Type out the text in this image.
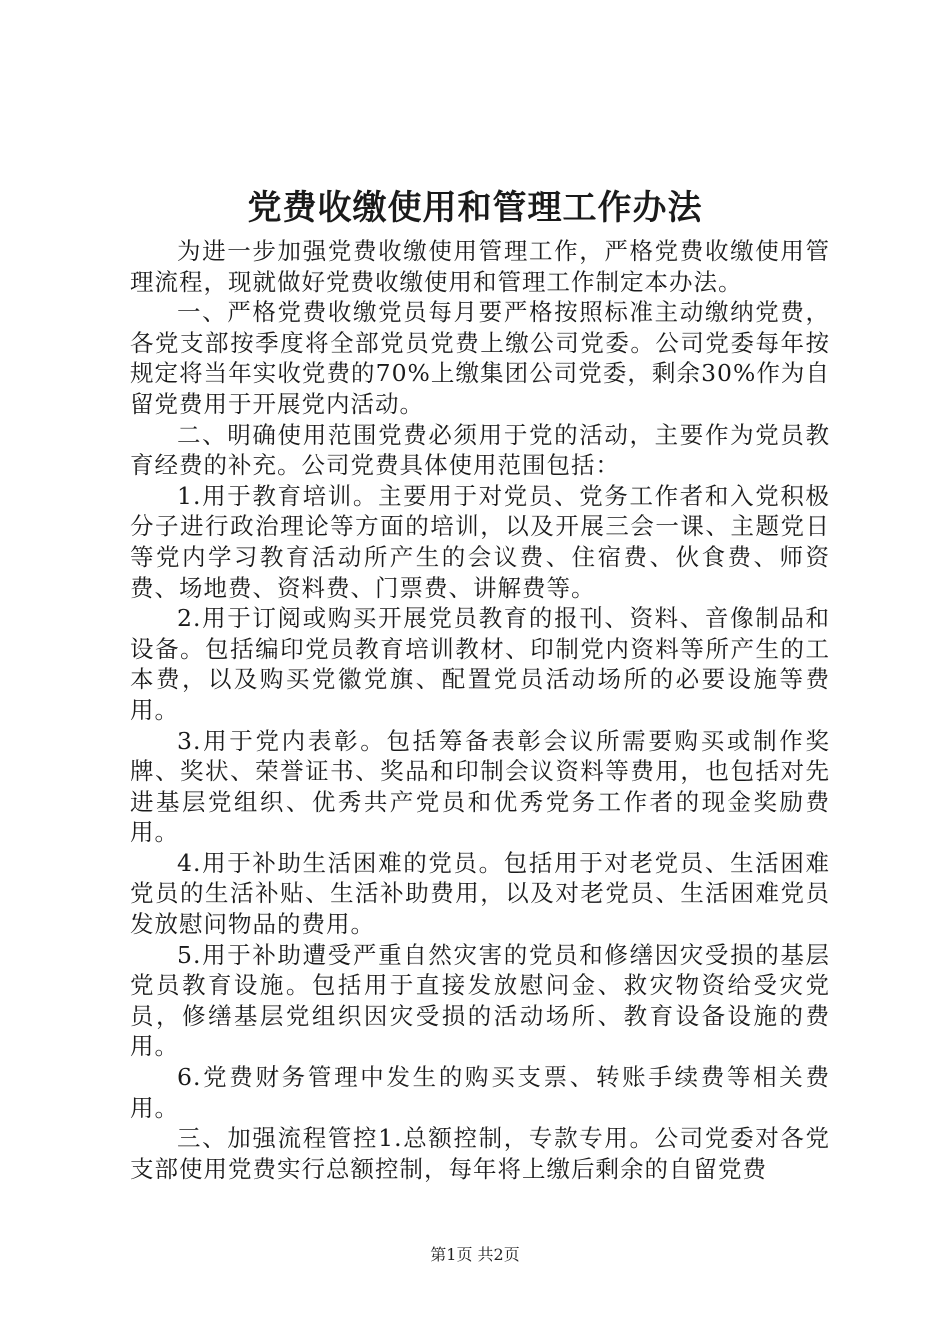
党费收缴使用和管理工作办法

为进一步加强党费收缴使用管理工作，严格党费收缴使用管理流程，现就做好党费收缴使用和管理工作制定本办法。

一、严格党费收缴党员每月要严格按照标准主动缴纳党费，各党支部按季度将全部党员党费上缴公司党委。公司党委每年按规定将当年实收党费的70%上缴集团公司党委，剩余30%作为自留党费用于开展党内活动。

二、明确使用范围党费必须用于党的活动，主要作为党员教育经费的补充。公司党费具体使用范围包括：

1.用于教育培训。主要用于对党员、党务工作者和入党积极分子进行政治理论等方面的培训，以及开展三会一课、主题党日等党内学习教育活动所产生的会议费、住宿费、伙食费、师资费、场地费、资料费、门票费、讲解费等。

2.用于订阅或购买开展党员教育的报刊、资料、音像制品和设备。包括编印党员教育培训教材、印制党内资料等所产生的工本费，以及购买党徽党旗、配置党员活动场所的必要设施等费用。

3.用于党内表彰。包括筹备表彰会议所需要购买或制作奖牌、奖状、荣誉证书、奖品和印制会议资料等费用，也包括对先进基层党组织、优秀共产党员和优秀党务工作者的现金奖励费用。

4.用于补助生活困难的党员。包括用于对老党员、生活困难党员的生活补贴、生活补助费用，以及对老党员、生活困难党员发放慰问物品的费用。

5.用于补助遭受严重自然灾害的党员和修缮因灾受损的基层党员教育设施。包括用于直接发放慰问金、救灾物资给受灾党员，修缮基层党组织因灾受损的活动场所、教育设备设施的费用。

6.党费财务管理中发生的购买支票、转账手续费等相关费用。

三、加强流程管控1.总额控制，专款专用。公司党委对各党支部使用党费实行总额控制，每年将上缴后剩余的自留党费

第1页 共2页
